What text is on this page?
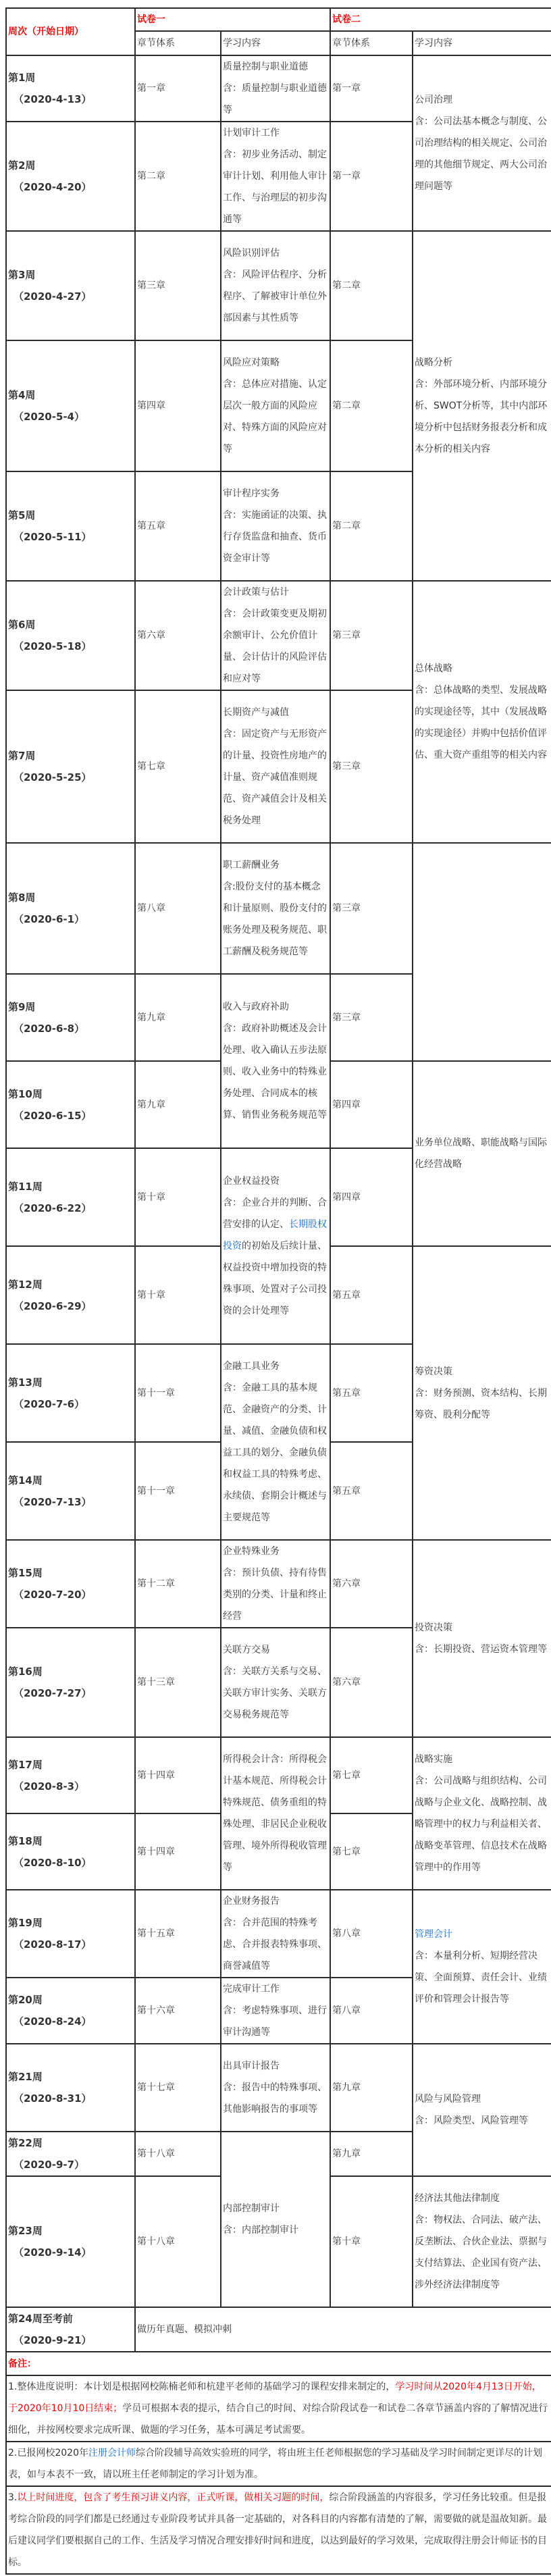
周次（开始日期）	试卷一		试卷二	
	章节体系	学习内容	章节体系	学习内容

第1周
（2020-4-13）
	第一章	
质量控制与职业道德
含：质量控制与职业道德等
	第一章	
公司治理
含：公司法基本概念与制度、公司治理结构的相关规定、公司治理的其他细节规定、两大公司治理问题等

第2周
（2020-4-20）
	第二章	
计划审计工作
含：初步业务活动、制定审计计划、利用他人审计工作、与治理层的初步沟通等
	第一章

第3周
（2020-4-27）
	第三章	
风险识别评估
含：风险评估程序、分析程序、了解被审计单位外部因素与其性质等
	第二章	
战略分析
含：外部环境分析、内部环境分析、SWOT分析等，其中内部环境分析中包括财务报表分析和成本分析的相关内容

第4周
（2020-5-4）
	第四章	
风险应对策略
含：总体应对措施、认定层次一般方面的风险应对、特殊方面的风险应对等
	第二章

第5周
（2020-5-11）
	第五章	
审计程序实务
含：实施函证的决策、执行存货监盘和抽查、货币资金审计等
	第二章

第6周
（2020-5-18）
	第六章	
会计政策与估计
含：会计政策变更及期初余额审计、公允价值计量、会计估计的风险评估和应对等
	第三章	
总体战略
含：总体战略的类型、发展战略的实现途径等，其中（发展战略的实现途径）并购中包括价值评估、重大资产重组等的相关内容

第7周
（2020-5-25）
	第七章	
长期资产与减值
含：固定资产与无形资产的计量、投资性房地产的计量、资产减值准则规范、资产减值会计及相关税务处理
	第三章

第8周
（2020-6-1）
	第八章	
职工薪酬业务
含:股份支付的基本概念和计量原则、股份支付的账务处理及税务规范、职工薪酬及税务规范等
	第三章	

第9周
（2020-6-8）
	第九章	
收入与政府补助
含：政府补助概述及会计处理、收入确认五步法原则、收入业务中的特殊业务处理、合同成本的核算、销售业务税务规范等
	第三章

第10周
（2020-6-15）	第九章		第四章	业务单位战略、职能战略与国际化经营战略

第11周
（2020-6-22）
	第十章	
企业权益投资
含：企业合并的判断、合营安排的认定、长期股权投资的初始及后续计量、权益投资中增加投资的特殊事项、处置对子公司投资的会计处理等
	第四章

第12周
（2020-6-29）
	第十章	第五章	
筹资决策
含：财务预测、资本结构、长期筹资、股利分配等

第13周
（2020-7-6）
	第十一章	
金融工具业务
含：金融工具的基本规范、金融资产的分类、计量、减值、金融负债和权益工具的划分、金融负债和权益工具的特殊考虑、永续债、套期会计概述与主要规范等
	第五章

第14周
（2020-7-13）	第十一章		第五章	

第15周
（2020-7-20）
	第十二章	
企业特殊业务
含：预计负债、持有待售类别的分类、计量和终止经营
	第六章	
投资决策
含：长期投资、营运资本管理等

第16周
（2020-7-27）
	第十三章	
关联方交易
含：关联方关系与交易、关联方审计实务、关联方交易税务规范等
	第六章

第17周
（2020-8-3）
	第十四章	
所得税会计含：所得税会计基本规范、所得税会计特殊规范、债务重组的特殊处理、非居民企业税收管理、境外所得税收管理等
	第七章	
战略实施
含：公司战略与组织结构、公司战略与企业文化、战略控制、战略管理中的权力与利益相关者、战略变革管理、信息技术在战略管理中的作用等

第18周
（2020-8-10）	第十四章		第七章	

第19周
（2020-8-17）
	第十五章	
企业财务报告
含：合并范围的特殊考虑、合并报表特殊事项、商誉减值等
	第八章	管理会计
含：本量利分析、短期经营决策、全面预算、责任会计、业绩评价和管理会计报告等

第20周
（2020-8-24）
	第十六章	
完成审计工作
含：考虑特殊事项、进行审计沟通等
	第八章

第21周
（2020-8-31）
	第十七章	
出具审计报告
含：报告中的特殊事项、其他影响报告的事项等
	第九章	
风险与风险管理
含：风险类型、风险管理等

第22周
（2020-9-7）
	第十八章	
内部控制审计
含：内部控制审计
	第九章

第23周
（2020-9-14）
	第十八章	第十章	
经济法其他法律制度
含：物权法、合同法、破产法、反垄断法、合伙企业法、票据与支付结算法、企业国有资产法、涉外经济法律制度等

第24周至考前
（2020-9-21）	做历年真题、模拟冲刺			
备注：				
1.整体进度说明：本计划是根据网校陈楠老师和杭建平老师的基础学习的课程安排来制定的，学习时间从2020年4月13日开始，于2020年10月10日结束；学员可根据本表的提示，结合自己的时间、对综合阶段试卷一和试卷二各章节涵盖内容的了解情况进行细化，并按网校要求完成听课、做题的学习任务，基本可满足考试需要。				
2.已报网校2020年注册会计师综合阶段辅导高效实验班的同学，将由班主任老师根据您的学习基础及学习时间制定更详尽的计划表，如与本表不一致，请以班主任老师制定的学习计划为准。				
3.以上时间进度，包含了考生预习讲义内容，正式听课，做相关习题的时间，综合阶段涵盖的内容很多，学习任务比较重。但是报考综合阶段的同学们都是已经通过专业阶段考试并具备一定基础的，对各科目的内容都有清楚的了解，需要做的就是温故知新。最后建议同学们要根据自己的工作、生活及学习情况合理安排好时间和进度，以达到最好的学习效果，完成取得注册会计师证书的目标。				
